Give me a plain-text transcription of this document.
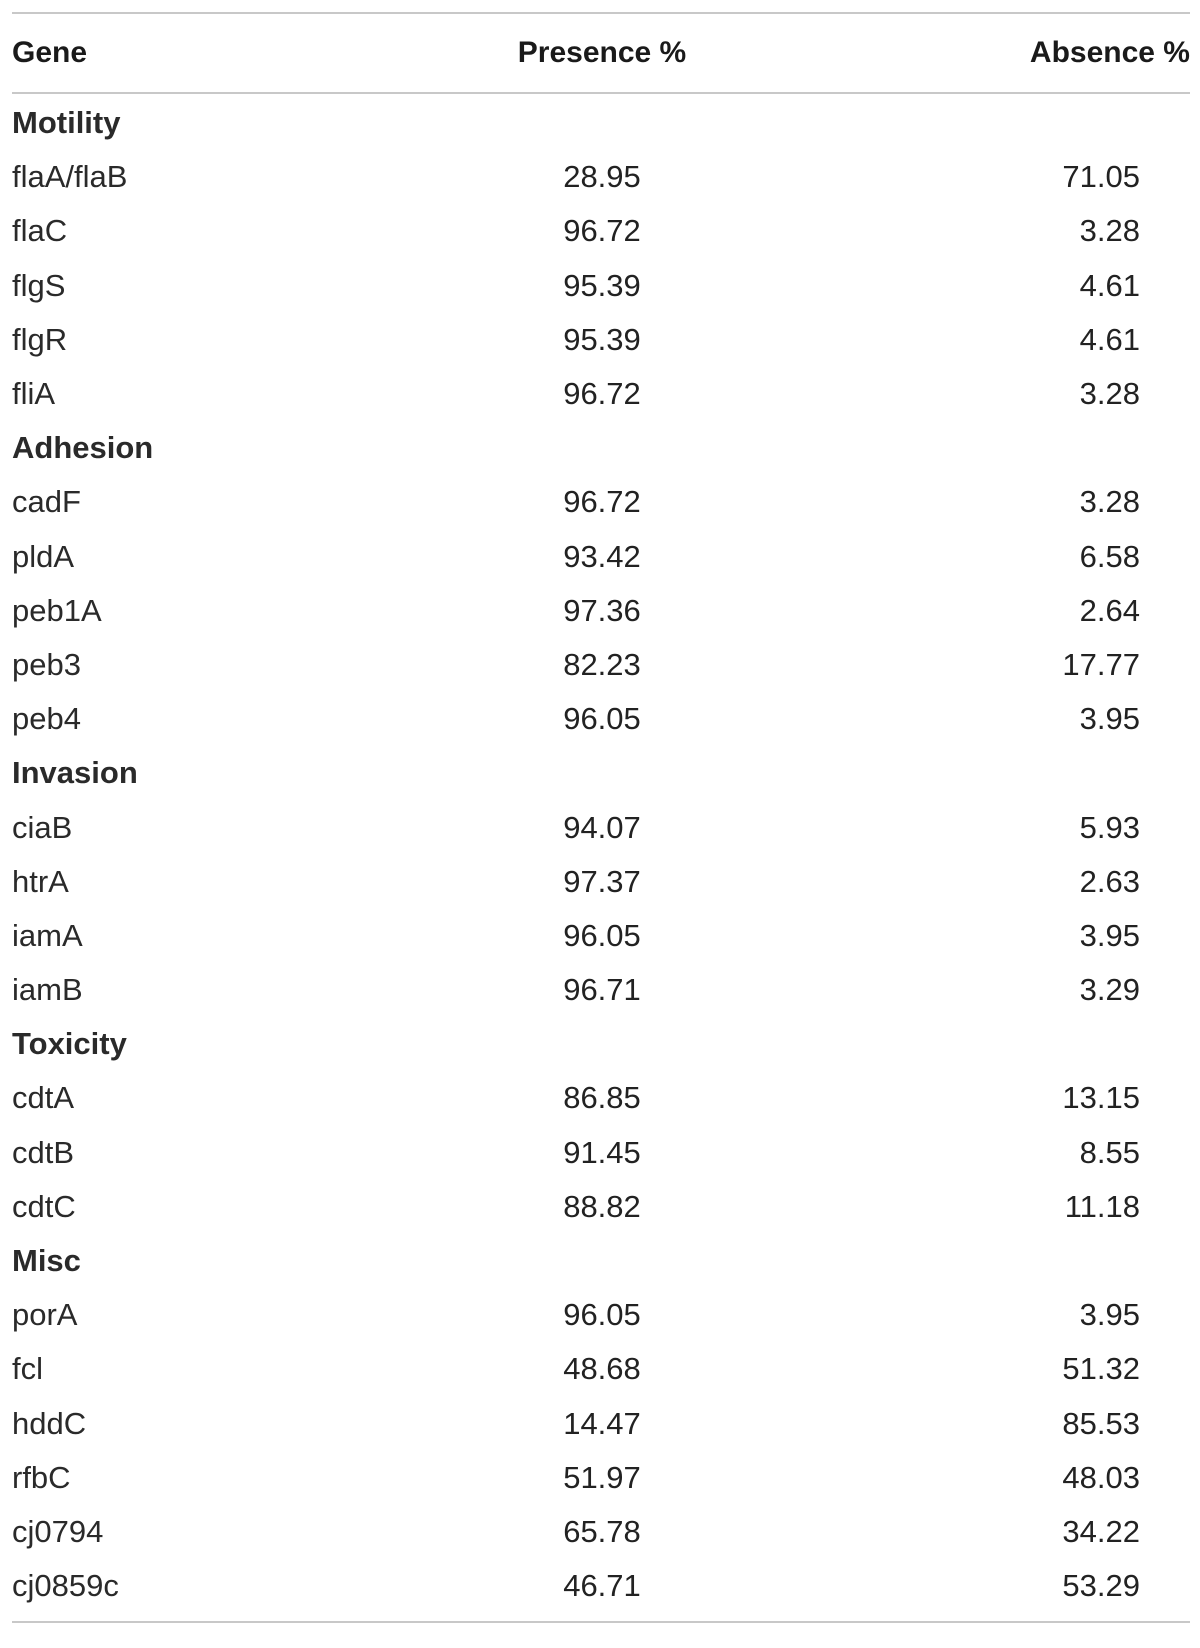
Gene	Presence %	Absence %
Motility
flaA/flaB	28.95	71.05
flaC	96.72	3.28
flgS	95.39	4.61
flgR	95.39	4.61
fliA	96.72	3.28
Adhesion
cadF	96.72	3.28
pldA	93.42	6.58
peb1A	97.36	2.64
peb3	82.23	17.77
peb4	96.05	3.95
Invasion
ciaB	94.07	5.93
htrA	97.37	2.63
iamA	96.05	3.95
iamB	96.71	3.29
Toxicity
cdtA	86.85	13.15
cdtB	91.45	8.55
cdtC	88.82	11.18
Misc
porA	96.05	3.95
fcl	48.68	51.32
hddC	14.47	85.53
rfbC	51.97	48.03
cj0794	65.78	34.22
cj0859c	46.71	53.29
